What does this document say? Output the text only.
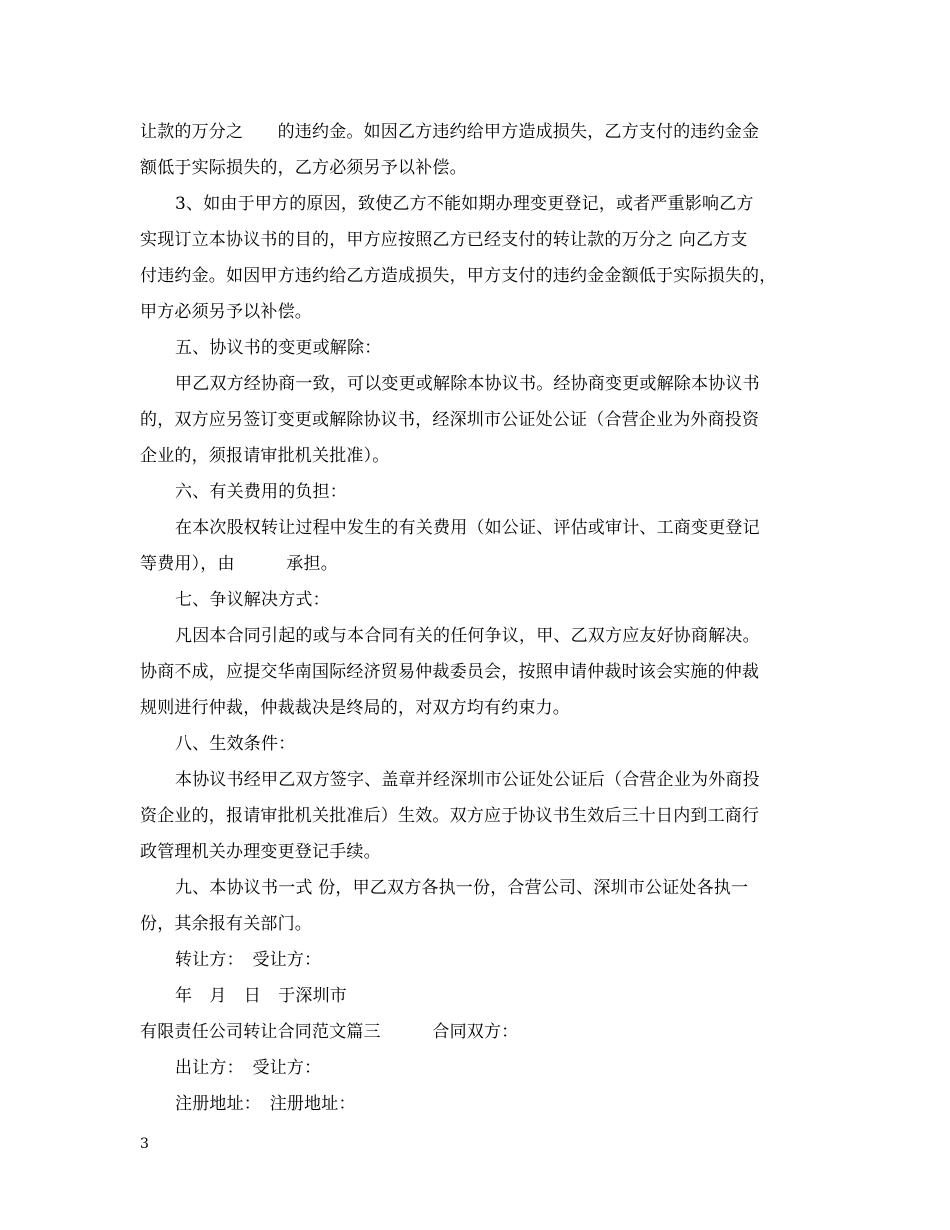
让款的万分之　　的违约金。如因乙方违约给甲方造成损失，乙方支付的违约金金
额低于实际损失的，乙方必须另予以补偿。
3、如由于甲方的原因，致使乙方不能如期办理变更登记，或者严重影响乙方
实现订立本协议书的目的，甲方应按照乙方已经支付的转让款的万分之 向乙方支
付违约金。如因甲方违约给乙方造成损失，甲方支付的违约金金额低于实际损失的，
甲方必须另予以补偿。
五、协议书的变更或解除：
甲乙双方经协商一致，可以变更或解除本协议书。经协商变更或解除本协议书
的，双方应另签订变更或解除协议书，经深圳市公证处公证（合营企业为外商投资
企业的，须报请审批机关批准）。
六、有关费用的负担：
在本次股权转让过程中发生的有关费用（如公证、评估或审计、工商变更登记
等费用），由　　　承担。
七、争议解决方式：
凡因本合同引起的或与本合同有关的任何争议，甲、乙双方应友好协商解决。
协商不成，应提交华南国际经济贸易仲裁委员会，按照申请仲裁时该会实施的仲裁
规则进行仲裁，仲裁裁决是终局的，对双方均有约束力。
八、生效条件：
本协议书经甲乙双方签字、盖章并经深圳市公证处公证后（合营企业为外商投
资企业的，报请审批机关批准后）生效。双方应于协议书生效后三十日内到工商行
政管理机关办理变更登记手续。
九、本协议书一式 份，甲乙双方各执一份，合营公司、深圳市公证处各执一
份，其余报有关部门。
转让方：　受让方：
年　月　日　于深圳市
有限责任公司转让合同范文篇三　　　合同双方：
出让方：　受让方：
注册地址：　注册地址：
3
